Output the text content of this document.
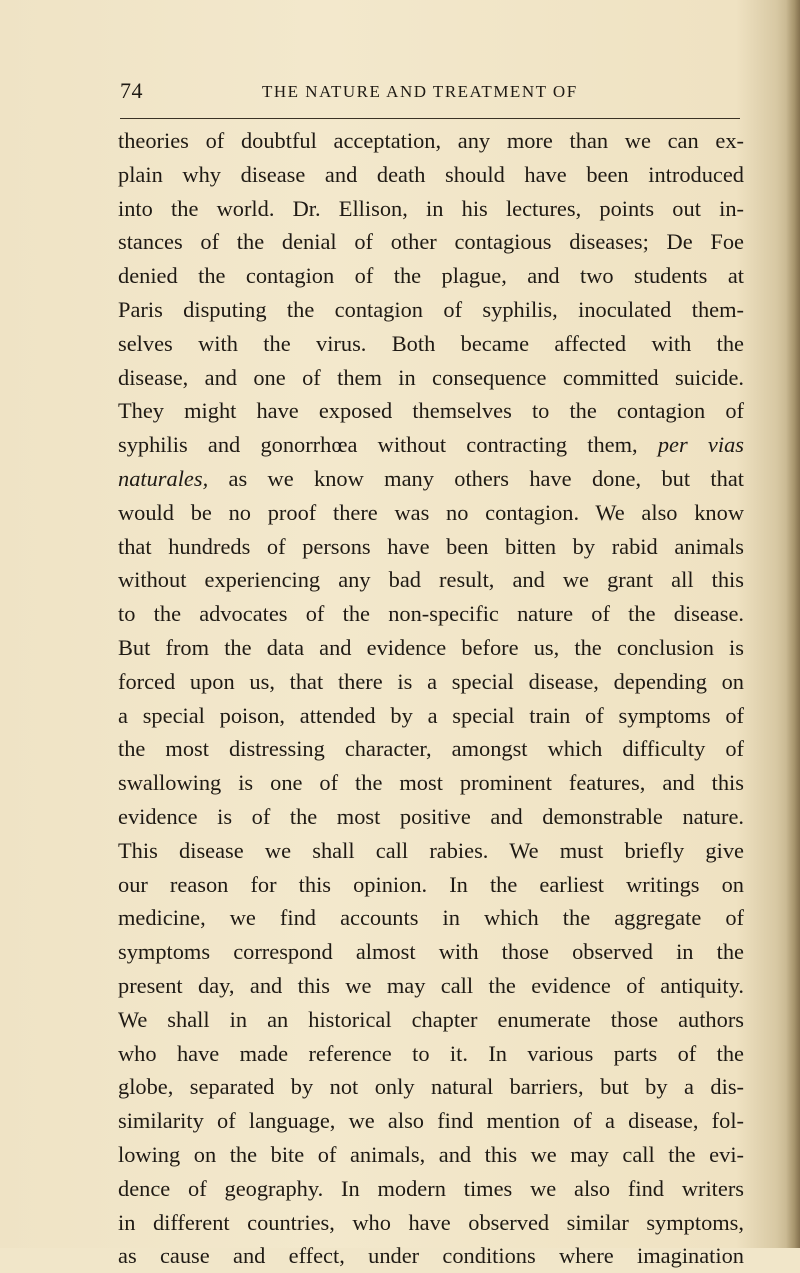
74	THE NATURE AND TREATMENT OF
theories of doubtful acceptation, any more than we can ex-
plain why disease and death should have been introduced
into the world. Dr. Ellison, in his lectures, points out in-
stances of the denial of other contagious diseases; De Foe
denied the contagion of the plague, and two students at
Paris disputing the contagion of syphilis, inoculated them-
selves with the virus. Both became affected with the
disease, and one of them in consequence committed suicide.
They might have exposed themselves to the contagion of
syphilis and gonorrhœa without contracting them, per vias
naturales, as we know many others have done, but that
would be no proof there was no contagion. We also know
that hundreds of persons have been bitten by rabid animals
without experiencing any bad result, and we grant all this
to the advocates of the non-specific nature of the disease.
But from the data and evidence before us, the conclusion is
forced upon us, that there is a special disease, depending on
a special poison, attended by a special train of symptoms of
the most distressing character, amongst which difficulty of
swallowing is one of the most prominent features, and this
evidence is of the most positive and demonstrable nature.
This disease we shall call rabies. We must briefly give
our reason for this opinion. In the earliest writings on
medicine, we find accounts in which the aggregate of
symptoms correspond almost with those observed in the
present day, and this we may call the evidence of antiquity.
We shall in an historical chapter enumerate those authors
who have made reference to it. In various parts of the
globe, separated by not only natural barriers, but by a dis-
similarity of language, we also find mention of a disease, fol-
lowing on the bite of animals, and this we may call the evi-
dence of geography. In modern times we also find writers
in different countries, who have observed similar symptoms,
as cause and effect, under conditions where imagination
